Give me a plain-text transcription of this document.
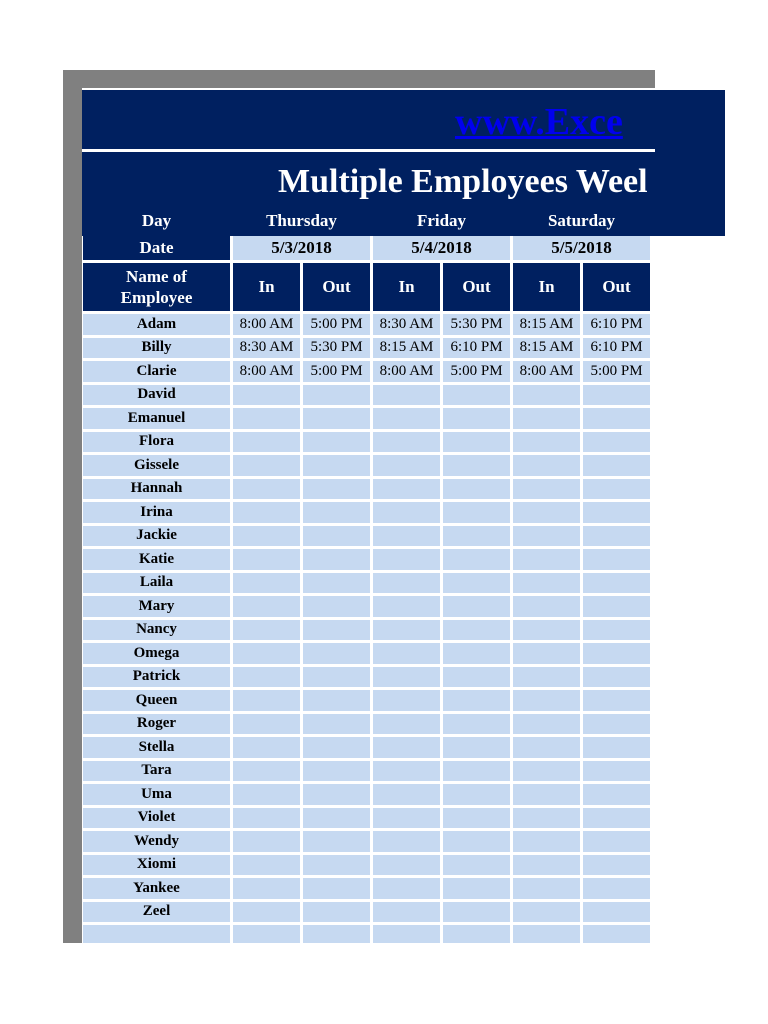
www.Exce
Multiple Employees Weel
Day	Thursday		Friday		Saturday	
Date	5/3/2018		5/4/2018		5/5/2018	
Name of
Employee	In	Out	In	Out	In	Out
Adam	8:00 AM	5:00 PM	8:30 AM	5:30 PM	8:15 AM	6:10 PM
Billy	8:30 AM	5:30 PM	8:15 AM	6:10 PM	8:15 AM	6:10 PM
Clarie	8:00 AM	5:00 PM	8:00 AM	5:00 PM	8:00 AM	5:00 PM
David						
Emanuel						
Flora						
Gissele						
Hannah						
Irina						
Jackie						
Katie						
Laila						
Mary						
Nancy						
Omega						
Patrick						
Queen						
Roger						
Stella						
Tara						
Uma						
Violet						
Wendy						
Xiomi						
Yankee						
Zeel						
